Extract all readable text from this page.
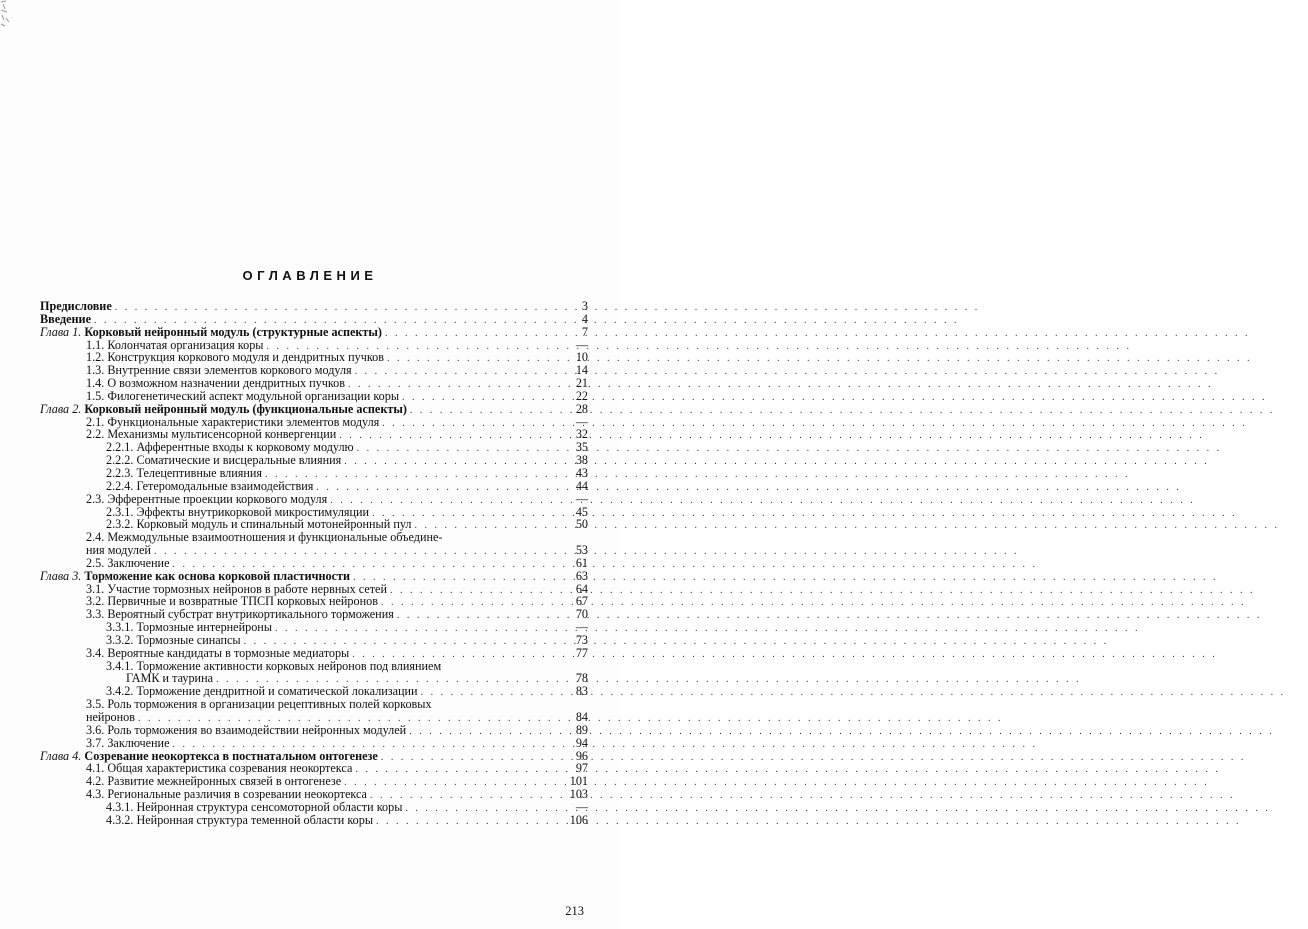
ОГЛАВЛЕНИЕ
Предисловие . . .	3
Введение . . .	4
Глава 1. Корковый нейронный модуль (структурные аспекты) . . .	7
1.1. Колончатая организация коры . . .	—
1.2. Конструкция коркового модуля и дендритных пучков . . .	10
1.3. Внутренние связи элементов коркового модуля . . .	14
1.4. О возможном назначении дендритных пучков . . .	21
1.5. Филогенетический аспект модульной организации коры . . .	22
Глава 2. Корковый нейронный модуль (функциональные аспекты) . . .	28
2.1. Функциональные характеристики элементов модуля . . .	—
2.2. Механизмы мультисенсорной конвергенции . . .	32
2.2.1. Афферентные входы к корковому модулю . . .	35
2.2.2. Соматические и висцеральные влияния . . .	38
2.2.3. Телецептивные влияния . . .	43
2.2.4. Гетеромодальные взаимодействия . . .	44
2.3. Эфферентные проекции коркового модуля . . .	—
2.3.1. Эффекты внутрикорковой микростимуляции . . .	45
2.3.2. Корковый модуль и спинальный мотонейронный пул . . .	50
2.4. Межмодульные взаимоотношения и функциональные объедине-
ния модулей . . .	53
2.5. Заключение . . .	61
Глава 3. Торможение как основа корковой пластичности . . .	63
3.1. Участие тормозных нейронов в работе нервных сетей . . .	64
3.2. Первичные и возвратные ТПСП корковых нейронов . . .	67
3.3. Вероятный субстрат внутрикортикального торможения . . .	70
3.3.1. Тормозные интернейроны . . .	—
3.3.2. Тормозные синапсы . . .	73
3.4. Вероятные кандидаты в тормозные медиаторы . . .	77
3.4.1. Торможение активности корковых нейронов под влиянием
ГАМК и таурина . . .	78
3.4.2. Торможение дендритной и соматической локализации . . .	83
3.5. Роль торможения в организации рецептивных полей корковых
нейронов . . .	84
3.6. Роль торможения во взаимодействии нейронных модулей . . .	89
3.7. Заключение . . .	94
Глава 4. Созревание неокортекса в постнатальном онтогенезе . . .	96
4.1. Общая характеристика созревания неокортекса . . .	97
4.2. Развитие межнейронных связей в онтогенезе . . .	101
4.3. Региональные различия в созревании неокортекса . . .	103
4.3.1. Нейронная структура сенсомоторной области коры . . .	—
4.3.2. Нейронная структура теменной области коры . . .	106

213
